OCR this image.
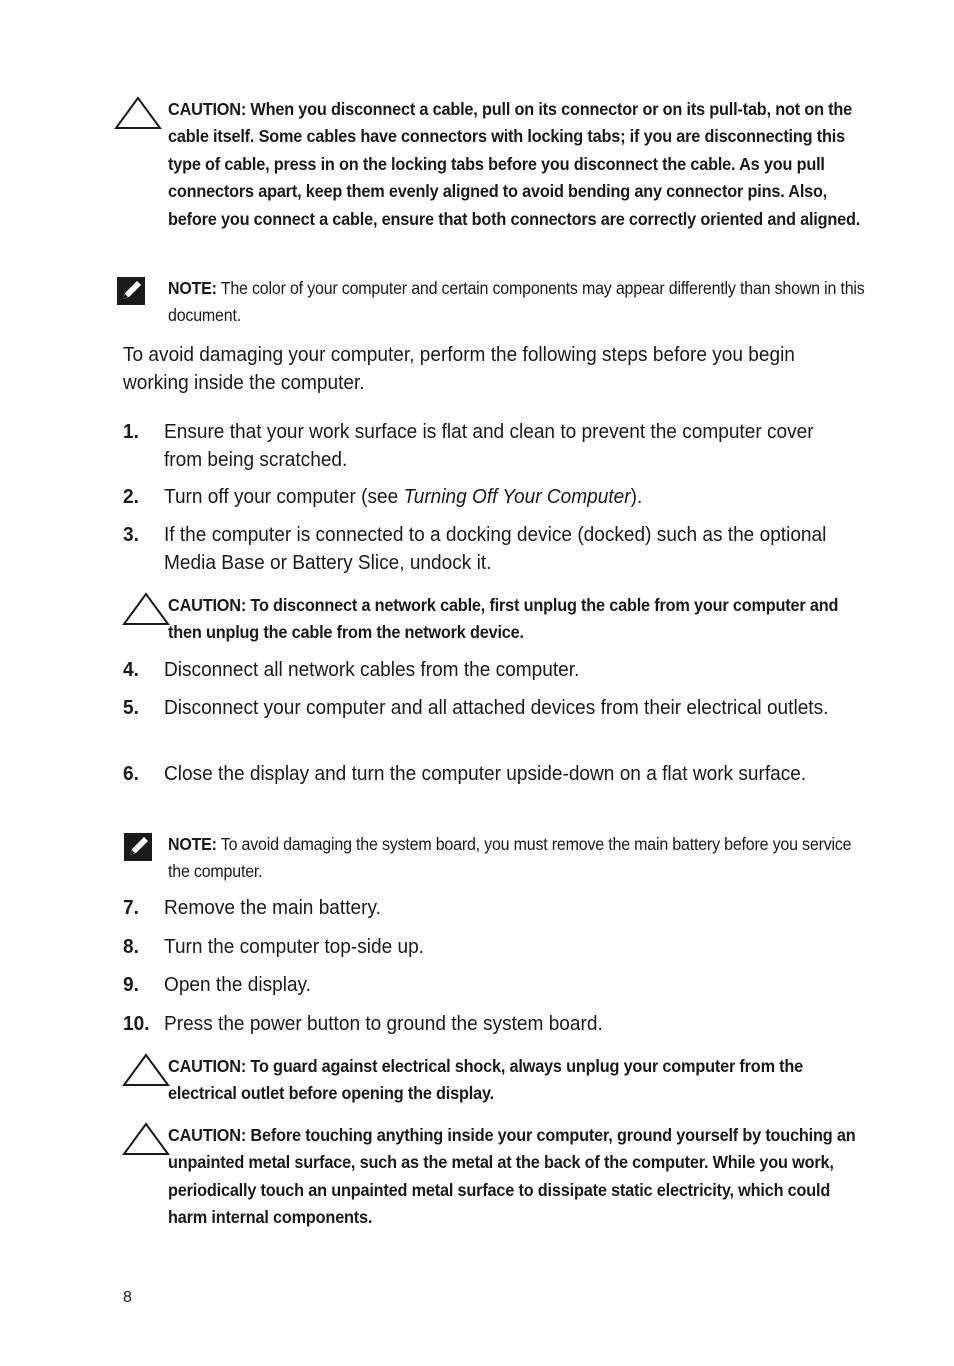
CAUTION: When you disconnect a cable, pull on its connector or on its pull-tab, not on the cable itself. Some cables have connectors with locking tabs; if you are disconnecting this type of cable, press in on the locking tabs before you disconnect the cable. As you pull connectors apart, keep them evenly aligned to avoid bending any connector pins. Also, before you connect a cable, ensure that both connectors are correctly oriented and aligned.
NOTE: The color of your computer and certain components may appear differently than shown in this document.
To avoid damaging your computer, perform the following steps before you begin working inside the computer.
1. Ensure that your work surface is flat and clean to prevent the computer cover from being scratched.
2. Turn off your computer (see Turning Off Your Computer).
3. If the computer is connected to a docking device (docked) such as the optional Media Base or Battery Slice, undock it.
CAUTION: To disconnect a network cable, first unplug the cable from your computer and then unplug the cable from the network device.
4. Disconnect all network cables from the computer.
5. Disconnect your computer and all attached devices from their electrical outlets.
6. Close the display and turn the computer upside-down on a flat work surface.
NOTE: To avoid damaging the system board, you must remove the main battery before you service the computer.
7. Remove the main battery.
8. Turn the computer top-side up.
9. Open the display.
10. Press the power button to ground the system board.
CAUTION: To guard against electrical shock, always unplug your computer from the electrical outlet before opening the display.
CAUTION: Before touching anything inside your computer, ground yourself by touching an unpainted metal surface, such as the metal at the back of the computer. While you work, periodically touch an unpainted metal surface to dissipate static electricity, which could harm internal components.
8
